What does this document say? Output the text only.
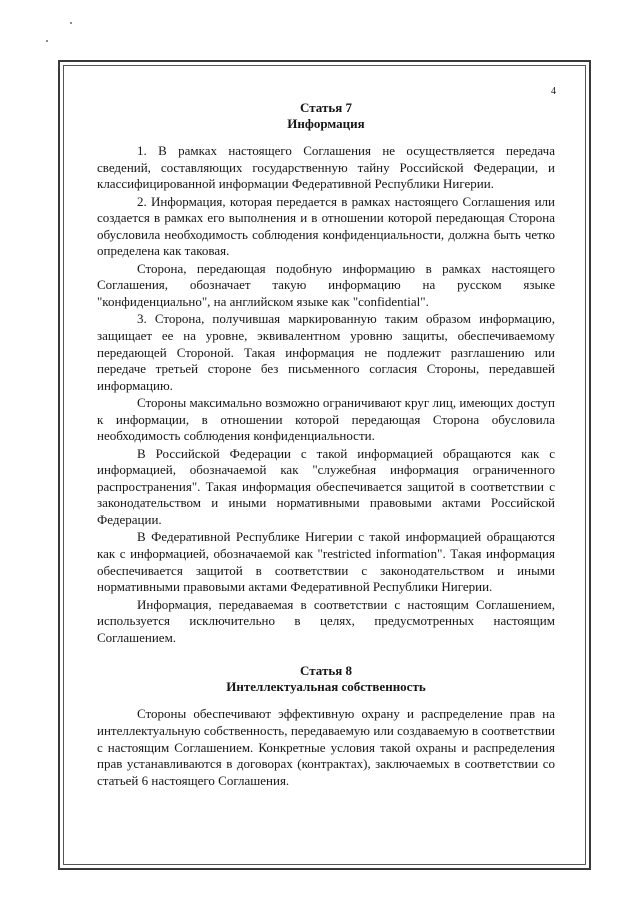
4

Статья 7

Информация

1. В рамках настоящего Соглашения не осуществляется передача сведений, составляющих государственную тайну Российской Федерации, и классифицированной информации Федеративной Республики Нигерии.

2. Информация, которая передается в рамках настоящего Соглашения или создается в рамках его выполнения и в отношении которой передающая Сторона обусловила необходимость соблюдения конфиденциальности, должна быть четко определена как таковая.

Сторона, передающая подобную информацию в рамках настоящего Соглашения, обозначает такую информацию на русском языке "конфиденциально", на английском языке как "confidential".

3. Сторона, получившая маркированную таким образом информацию, защищает ее на уровне, эквивалентном уровню защиты, обеспечиваемому передающей Стороной. Такая информация не подлежит разглашению или передаче третьей стороне без письменного согласия Стороны, передавшей информацию.

Стороны максимально возможно ограничивают круг лиц, имеющих доступ к информации, в отношении которой передающая Сторона обусловила необходимость соблюдения конфиденциальности.

В Российской Федерации с такой информацией обращаются как с информацией, обозначаемой как "служебная информация ограниченного распространения". Такая информация обеспечивается защитой в соответствии с законодательством и иными нормативными правовыми актами Российской Федерации.

В Федеративной Республике Нигерии с такой информацией обращаются как с информацией, обозначаемой как "restricted information". Такая информация обеспечивается защитой в соответствии с законодательством и иными нормативными правовыми актами Федеративной Республики Нигерии.

Информация, передаваемая в соответствии с настоящим Соглашением, используется исключительно в целях, предусмотренных настоящим Соглашением.

Статья 8

Интеллектуальная собственность

Стороны обеспечивают эффективную охрану и распределение прав на интеллектуальную собственность, передаваемую или создаваемую в соответствии с настоящим Соглашением. Конкретные условия такой охраны и распределения прав устанавливаются в договорах (контрактах), заключаемых в соответствии со статьей 6 настоящего Соглашения.
